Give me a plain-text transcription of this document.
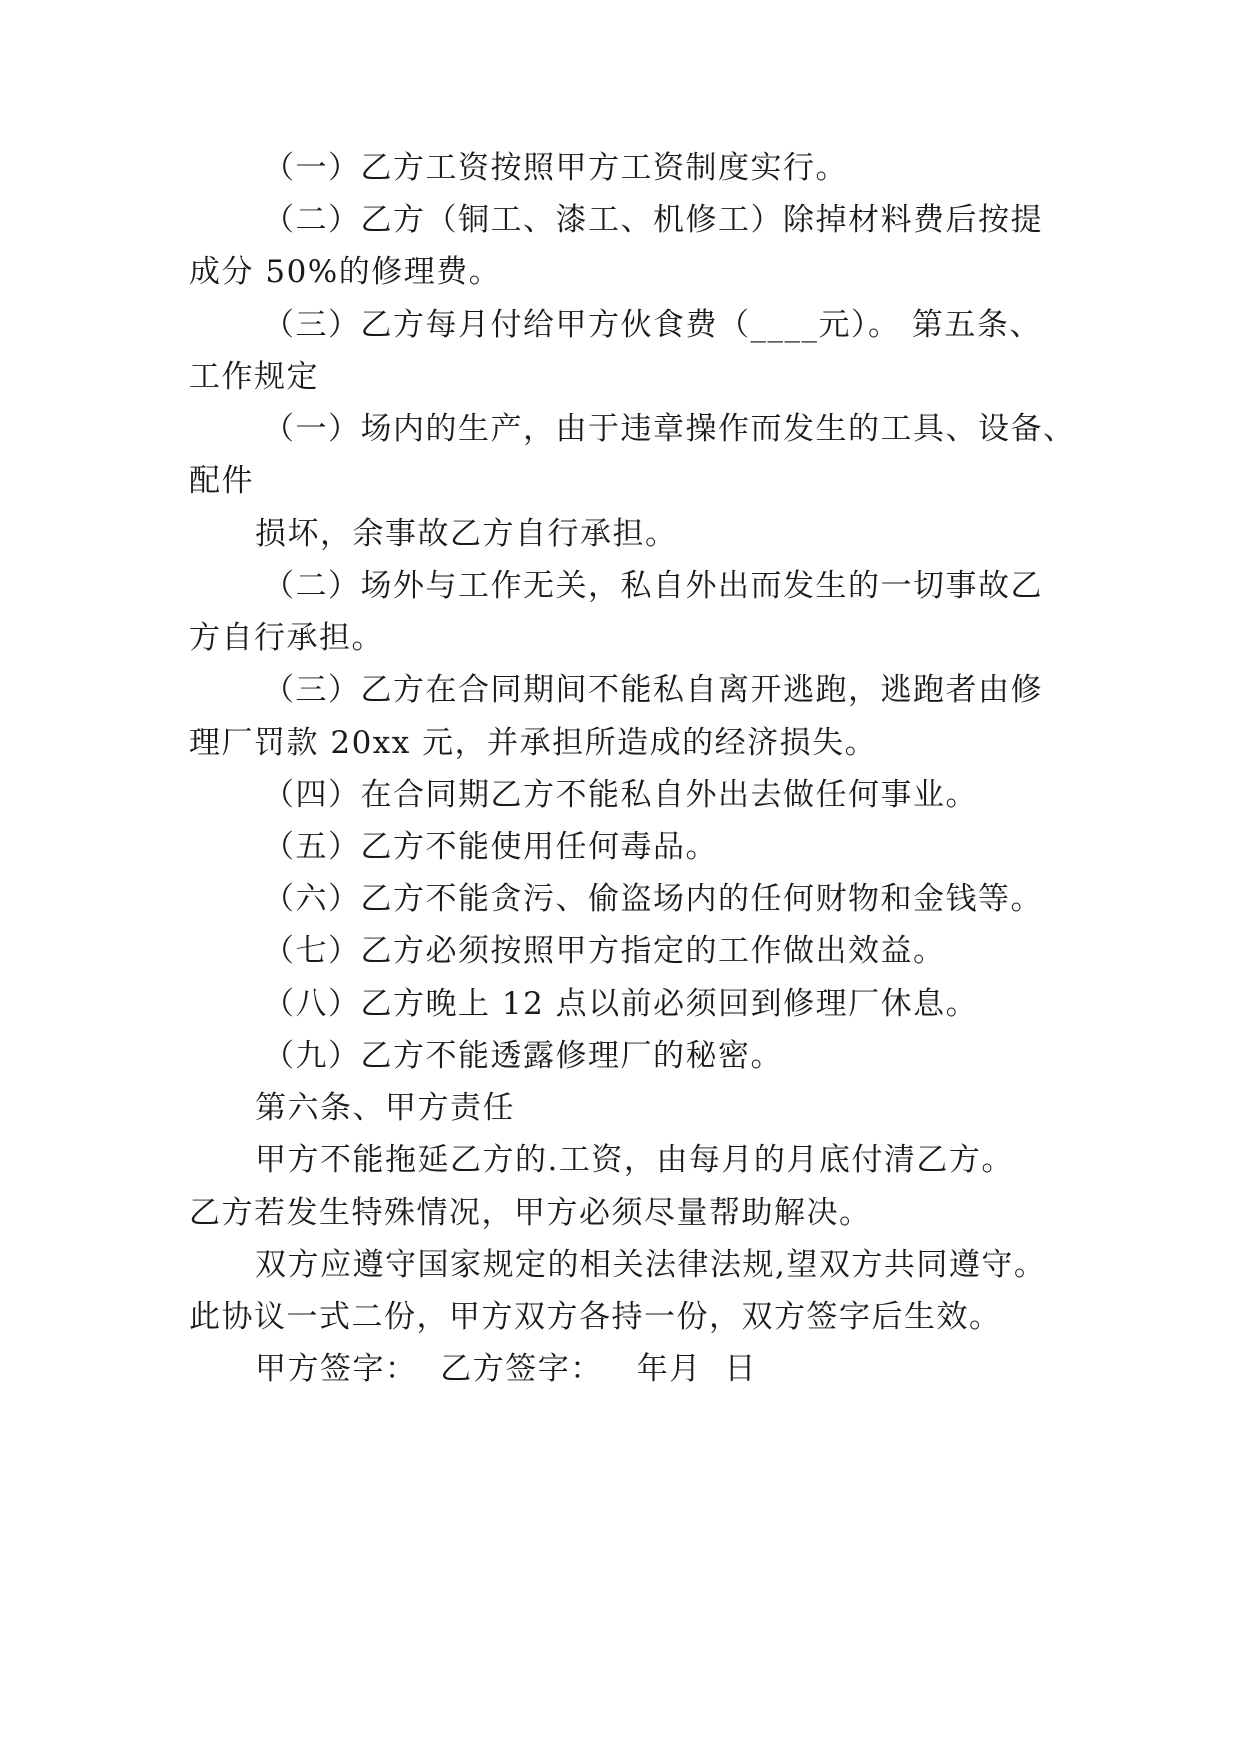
（一）乙方工资按照甲方工资制度实行。
（二）乙方（铜工、漆工、机修工）除掉材料费后按提
成分 50%的修理费。
（三）乙方每月付给甲方伙食费（____元）。 第五条、
工作规定
（一）场内的生产，由于违章操作而发生的工具、设备、
配件
损坏，余事故乙方自行承担。
（二）场外与工作无关，私自外出而发生的一切事故乙
方自行承担。
（三）乙方在合同期间不能私自离开逃跑，逃跑者由修
理厂罚款 20xx 元，并承担所造成的经济损失。
（四）在合同期乙方不能私自外出去做任何事业。
（五）乙方不能使用任何毒品。
（六）乙方不能贪污、偷盗场内的任何财物和金钱等。
（七）乙方必须按照甲方指定的工作做出效益。
（八）乙方晚上 12 点以前必须回到修理厂休息。
（九）乙方不能透露修理厂的秘密。
第六条、甲方责任
甲方不能拖延乙方的.工资，由每月的月底付清乙方。
乙方若发生特殊情况，甲方必须尽量帮助解决。
双方应遵守国家规定的相关法律法规,望双方共同遵守。
此协议一式二份，甲方双方各持一份，双方签字后生效。
甲方签字：  乙方签字：   年月  日
